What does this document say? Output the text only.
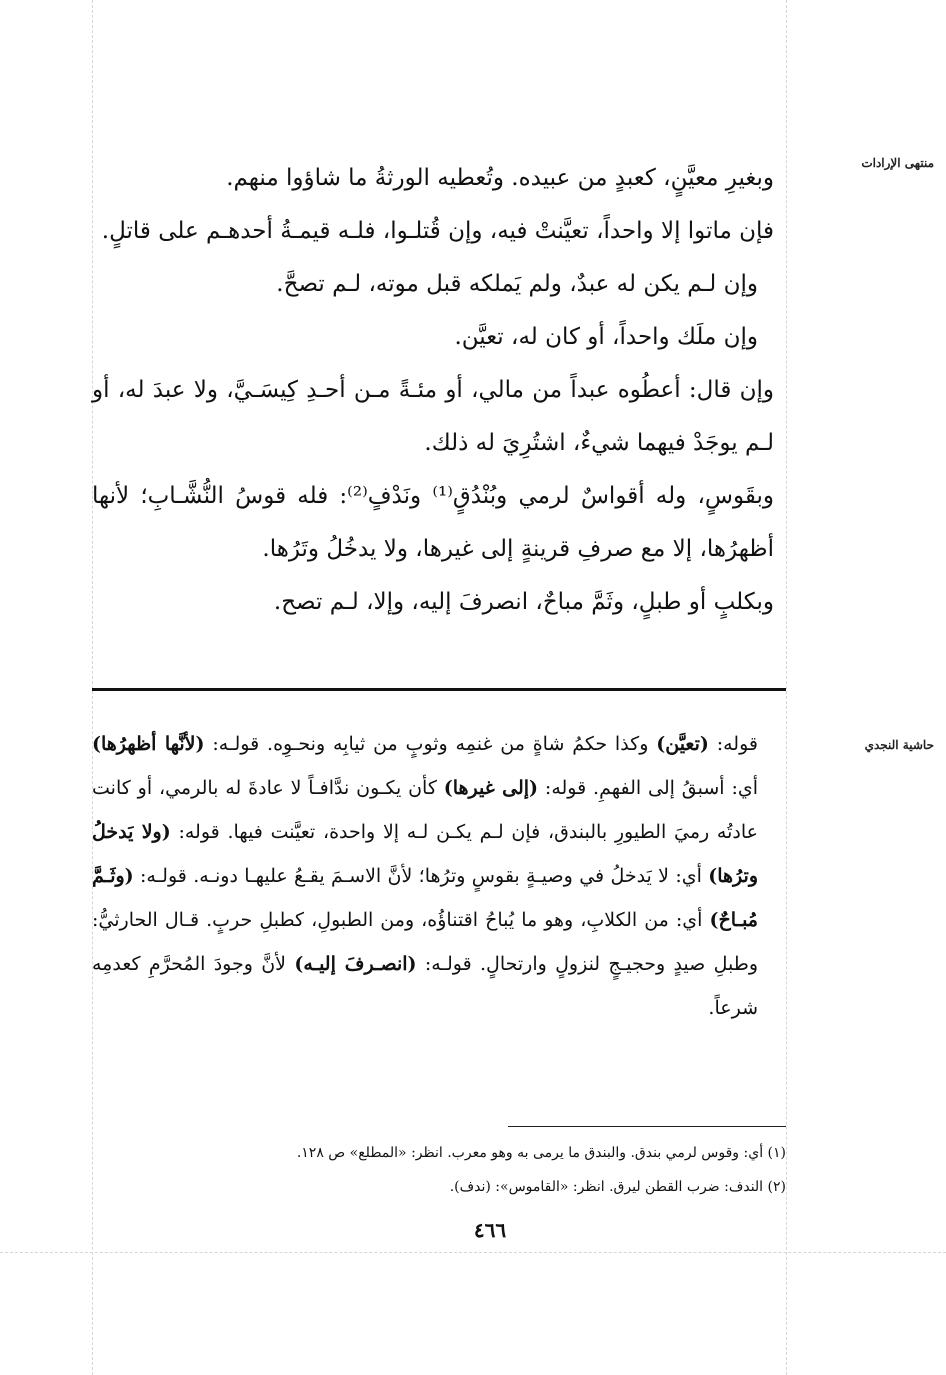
منتهى الإرادات
حاشية النجدي

وبغيرِ معيَّنٍ، كعبدٍ من عبيده. وتُعطيه الورثةُ ما شاؤوا منهم.

فإن ماتوا إلا واحداً، تعيَّنتْ فيه، وإن قُتلـوا، فلـه قيمـةُ أحدهـم على قاتلٍ.

وإن لـم يكن له عبدٌ، ولم يَملكه قبل موته، لـم تصحَّ.

وإن ملَك واحداً، أو كان له، تعيَّن.

وإن قال: أعطُوه عبداً من مالي، أو مئـةً مـن أحـدِ كِيسَـيَّ، ولا عبدَ له، أو لـم يوجَدْ فيهما شيءٌ، اشتُرِيَ له ذلك.

وبقَوسٍ، وله أقواسٌ لرمي وبُنْدُقٍ⁽¹⁾ ونَدْفٍ⁽²⁾: فله قوسُ النُّشَّـابِ؛ لأنها أظهرُها، إلا مع صرفِ قرينةٍ إلى غيرها، ولا يدخُلُ وتَرُها.

وبكلبٍ أو طبلٍ، وثَمَّ مباحٌ، انصرفَ إليه، وإلا، لـم تصح.

قوله: (تعيَّن) وكذا حكمُ شاةٍ من غنمِه وثوبٍ من ثيابِه ونحـوِه. قولـه: (لأنَّها أظهرُها) أي: أسبقُ إلى الفهمِ. قوله: (إلى غيرها) كأن يكـون ندَّافـاً لا عادةَ له بالرمي، أو كانت عادتُه رميَ الطيورِ بالبندق، فإن لـم يكـن لـه إلا واحدة، تعيَّنت فيها. قوله: (ولا يَدخلُ وترُها) أي: لا يَدخلُ في وصيـةٍ بقوسٍ وترُها؛ لأنَّ الاسـمَ يقـعُ عليهـا دونـه. قولـه: (وثَـمَّ مُبـاحٌ) أي: من الكلابِ، وهو ما يُباحُ اقتناؤُه، ومن الطبولِ، كطبلِ حربٍ. قـال الحارثيُّ: وطبلِ صيدٍ وحجيـجٍ لنزولٍ وارتحالٍ. قولـه: (انصـرفَ إليـه) لأنَّ وجودَ المُحرَّمِ كعدمِه شرعاً.

(١) أي: وقوس لرمي بندق. والبندق ما يرمى به وهو معرب. انظر: «المطلع» ص ١٢٨.
(٢) الندف: ضرب القطن ليرق. انظر: «القاموس»: (ندف).
٤٦٦
